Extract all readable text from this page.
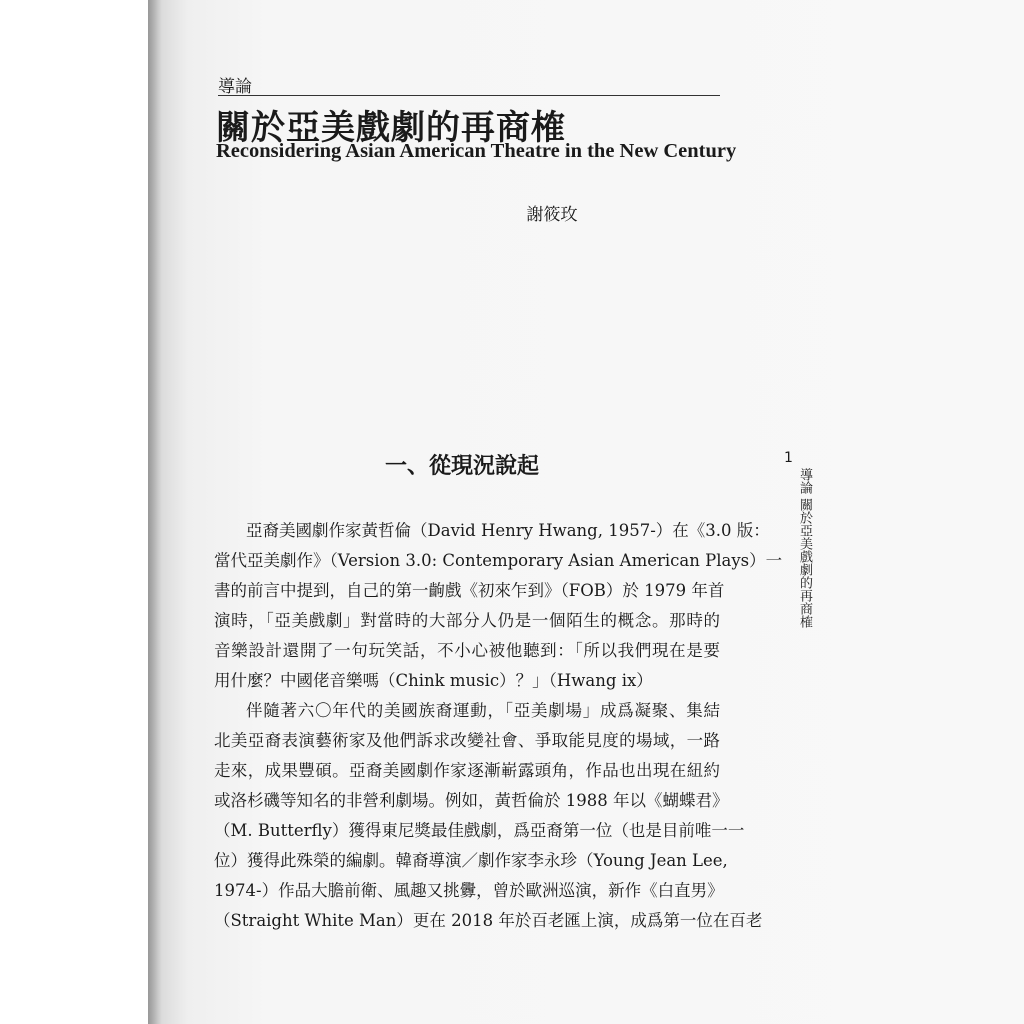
導論
關於亞美戲劇的再商榷
Reconsidering Asian American Theatre in the New Century
謝筱玫
一、從現況說起	1
導論 關於亞美戲劇的再商榷
亞裔美國劇作家黃哲倫（David Henry Hwang, 1957-）在《3.0 版：
當代亞美劇作》（Version 3.0: Contemporary Asian American Plays）一
書的前言中提到，自己的第一齣戲《初來乍到》（FOB）於 1979 年首
演時，「亞美戲劇」對當時的大部分人仍是一個陌生的概念。那時的
音樂設計還開了一句玩笑話，不小心被他聽到：「所以我們現在是要
用什麼？中國佬音樂嗎（Chink music）？」（Hwang ix）
伴隨著六〇年代的美國族裔運動，「亞美劇場」成爲凝聚、集結
北美亞裔表演藝術家及他們訴求改變社會、爭取能見度的場域，一路
走來，成果豐碩。亞裔美國劇作家逐漸嶄露頭角，作品也出現在紐約
或洛杉磯等知名的非營利劇場。例如，黃哲倫於 1988 年以《蝴蝶君》
（M. Butterfly）獲得東尼獎最佳戲劇，爲亞裔第一位（也是目前唯一一
位）獲得此殊榮的編劇。韓裔導演／劇作家李永珍（Young Jean Lee,
1974-）作品大膽前衛、風趣又挑釁，曾於歐洲巡演，新作《白直男》
（Straight White Man）更在 2018 年於百老匯上演，成爲第一位在百老
